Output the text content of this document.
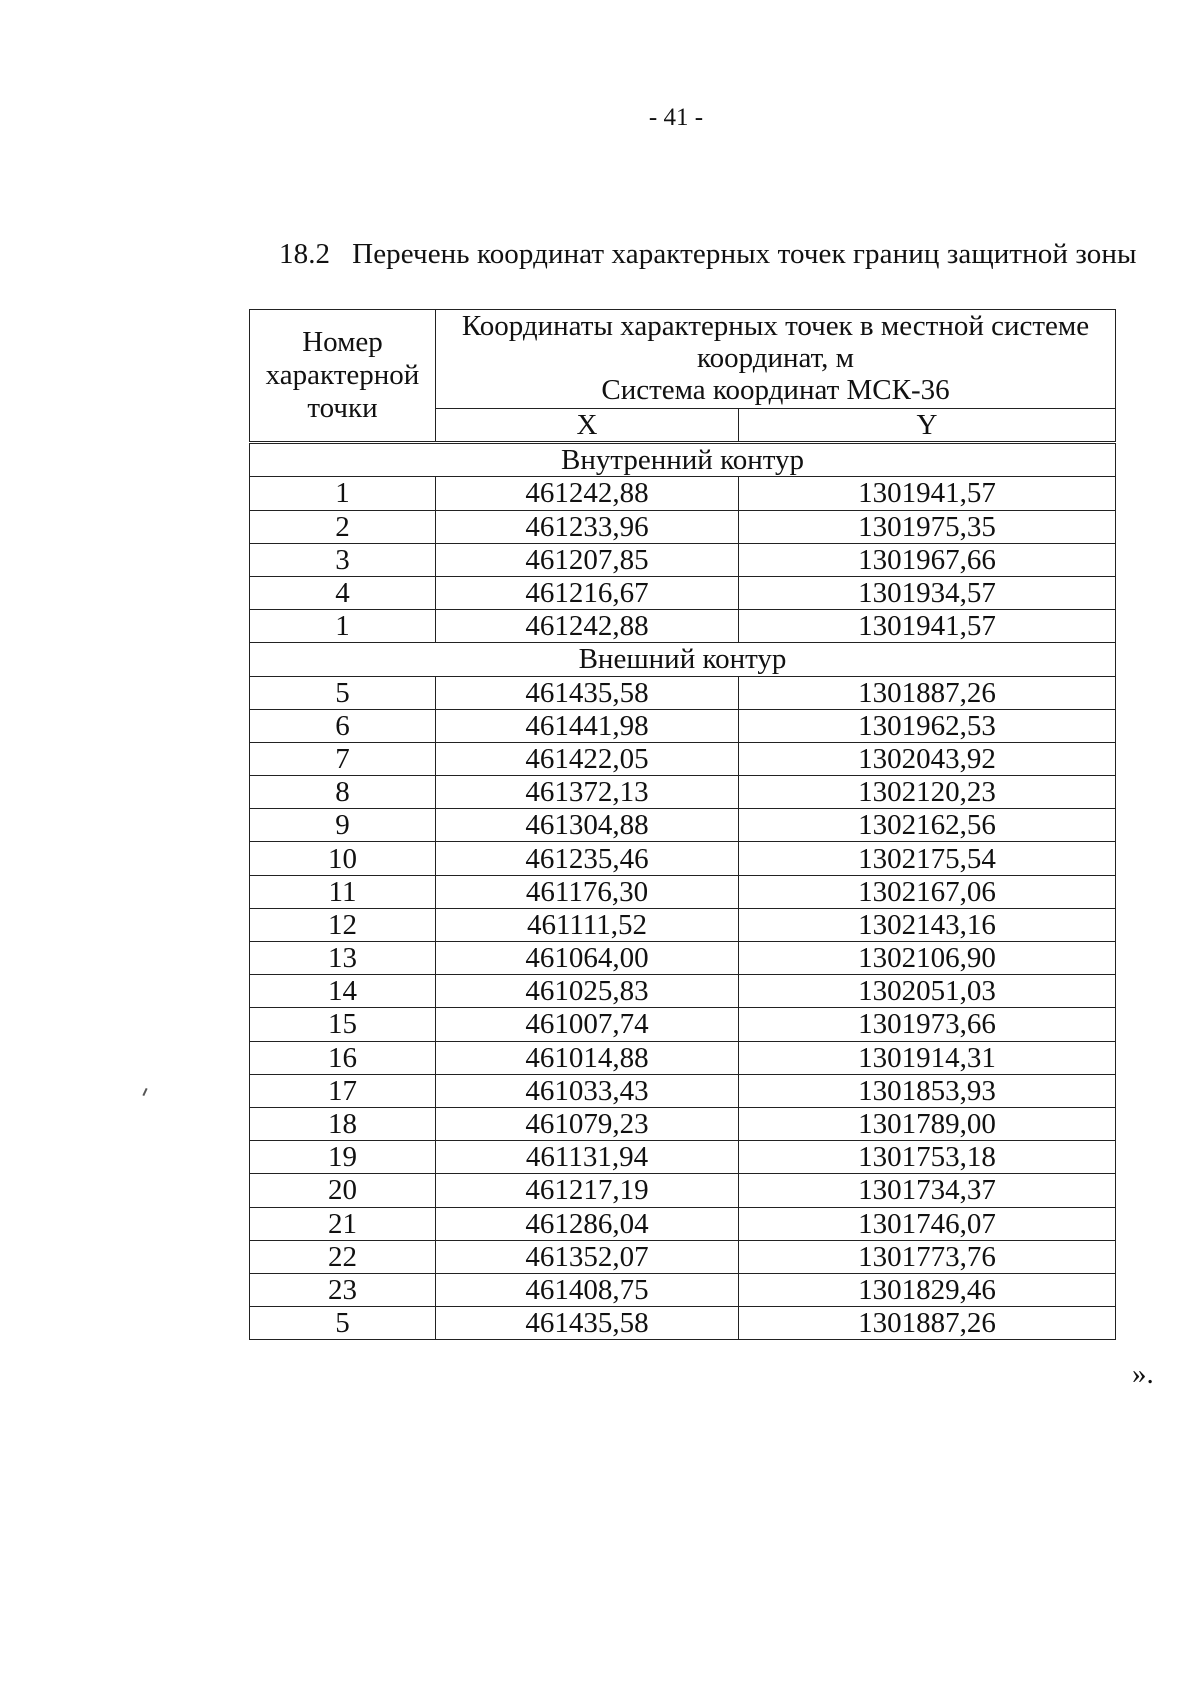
- 41 -
18.2 Перечень координат характерных точек границ защитной зоны
Номер характерной точки	Координаты характерных точек в местной системе координат, м
Система координат МСК-36	

	X	Y
Внутренний контур		
1	461242,88	1301941,57
2	461233,96	1301975,35
3	461207,85	1301967,66
4	461216,67	1301934,57
1	461242,88	1301941,57
Внешний контур		
5	461435,58	1301887,26
6	461441,98	1301962,53
7	461422,05	1302043,92
8	461372,13	1302120,23
9	461304,88	1302162,56
10	461235,46	1302175,54
11	461176,30	1302167,06
12	461111,52	1302143,16
13	461064,00	1302106,90
14	461025,83	1302051,03
15	461007,74	1301973,66
16	461014,88	1301914,31
17	461033,43	1301853,93
18	461079,23	1301789,00
19	461131,94	1301753,18
20	461217,19	1301734,37
21	461286,04	1301746,07
22	461352,07	1301773,76
23	461408,75	1301829,46
5	461435,58	1301887,26
».
